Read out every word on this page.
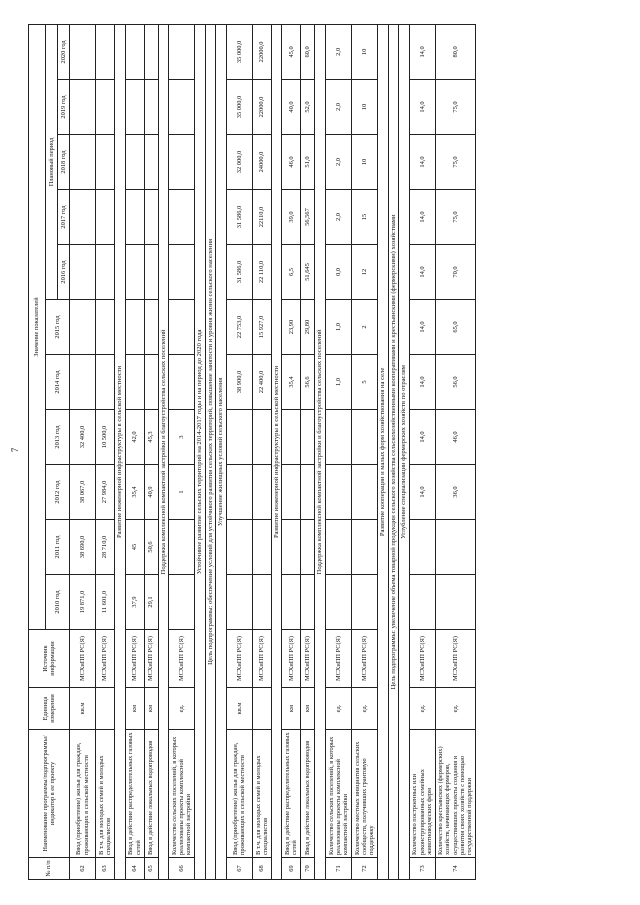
7
№ п/п	Наименование программы/подпрограммы/индикатор в ее проекту	Единица измерения	Источник информации	Значение показателей										
				2010 год	2011 год	2012 год	2013 год	2014 год	2015 год	Плановый период				
										2016 год	2017 год	2018 год	2019 год	2020 год
62	Ввод (приобретение) жилья для граждан, проживающих в сельской местности	кв.м	МСХиПП РС(Я)	19 871,0	38 690,0	38 067,0	32 400,0							
63	В т.ч. для молодых семей и молодых специалистов		МСХиПП РС(Я)	11 601,0	28 710,0	27 984,0	10 500,0							
Развитие инженерной инфраструктуры в сельской местности														
64	Ввод в действие распределительных газовых сетей	км	МСХиПП РС(Я)	37,9	45	35,4	42,0							
65	Ввод в действие локальных водопроводов	км	МСХиПП РС(Я)	29,1	50,6	40,9	45,3							
Поддержка комплексной компактной застройки и благоустройства сельских поселений														
66	Количество сельских поселений, в которых реализованы проекты комплексной компактной застройки	ед.	МСХиПП РС(Я)			1	3							
Устойчивое развитие сельских территорий на 2014-2017 годы и на период до 2020 года														
Цель подпрограммы: обеспечение условий для устойчивого развития сельских территорий, повышение занятости и уровня жизни сельского населения														
Улучшение жилищных условий сельского населения														
67	Ввод (приобретение) жилья для граждан, проживающих в сельской местности	кв.м	МСХиПП РС(Я)					38 900,0	22 753,0	31 586,0	31 586,0	32 000,0	35 000,0	35 000,0
68	В т.ч. для молодых семей и молодых специалистов		МСХиПП РС(Я)					22 400,0	15 927,0	22 110,0	22110,0	24000,0	22000,0	22000,0
Развитие инженерной инфраструктуры в сельской местности														
69	Ввод в действие распределительных газовых сетей	км	МСХиПП РС(Я)					35,4	23,90	6,5	39,0	46,0	40,0	45,0
70	Ввод в действие локальных водопроводов	км	МСХиПП РС(Я)					56,6	29,80	51,645	56,567	51,0	52,0	60,0
Поддержка комплексной компактной застройки и благоустройства сельских поселений														
71	Количество сельских поселений, в которых реализованы проекты комплексной компактной застройки	ед.	МСХиПП РС(Я)					1,0	1,0	0,0	2,0	2,0	2,0	2,0
72	Количество местных инициатив сельских сообществ, получивших грантовую поддержку	ед.	МСХиПП РС(Я)					5	2	12	15	10	10	10
Развитие кооперации и малых форм хозяйствования на селе														
Цель подпрограммы: увеличение объема товарной продукции сельского хозяйства сельскохозяйственными кооперативами и крестьянскими (фермерскими) хозяйствами														
Углубление специализации фермерских хозяйств по отраслям														
73	Количество построенных или реконструированных семейных животноводческих ферм	ед.	МСХиПП РС(Я)			14,0	14,0	14,0	14,0	14,0	14,0	14,0	14,0	14,0
74	Количество крестьянских (фермерских) хозяйств, начинающих фермеров, осуществивших проекты создания и развития своих хозяйств с помощью государственной поддержки	ед.	МСХиПП РС(Я)			36,0	46,0	56,0	65,0	70,0	75,0	75,0	75,0	80,0
